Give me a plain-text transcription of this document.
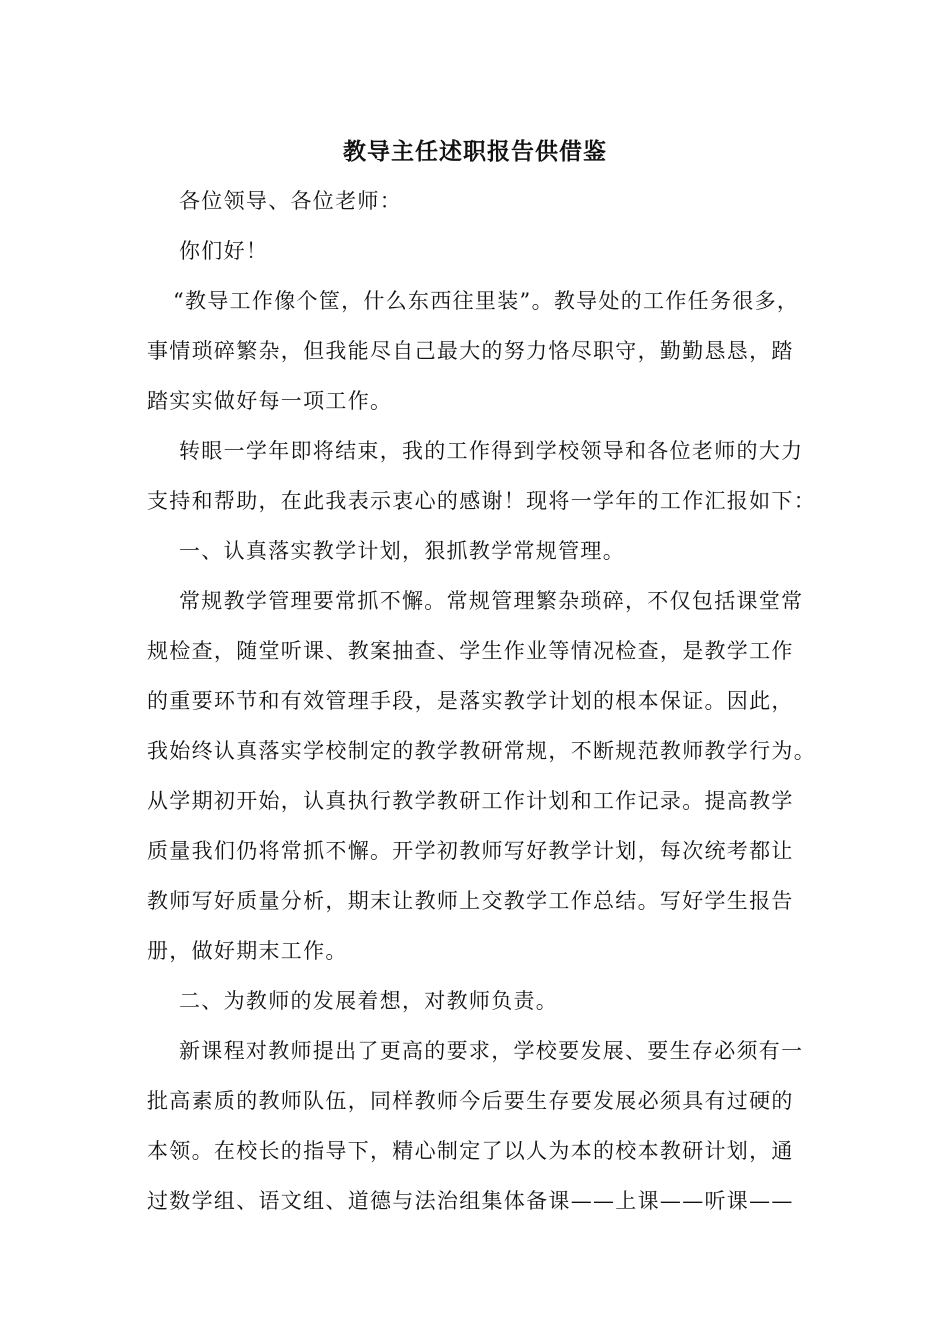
教导主任述职报告供借鉴
各位领导、各位老师：
你们好！
“教导工作像个筐，什么东西往里装”。教导处的工作任务很多，
事情琐碎繁杂，但我能尽自己最大的努力恪尽职守，勤勤恳恳，踏
踏实实做好每一项工作。
转眼一学年即将结束，我的工作得到学校领导和各位老师的大力
支持和帮助，在此我表示衷心的感谢！现将一学年的工作汇报如下：
一、认真落实教学计划，狠抓教学常规管理。
常规教学管理要常抓不懈。常规管理繁杂琐碎，不仅包括课堂常
规检查，随堂听课、教案抽查、学生作业等情况检查，是教学工作
的重要环节和有效管理手段，是落实教学计划的根本保证。因此，
我始终认真落实学校制定的教学教研常规，不断规范教师教学行为。
从学期初开始，认真执行教学教研工作计划和工作记录。提高教学
质量我们仍将常抓不懈。开学初教师写好教学计划，每次统考都让
教师写好质量分析，期末让教师上交教学工作总结。写好学生报告
册，做好期末工作。
二、为教师的发展着想，对教师负责。
新课程对教师提出了更高的要求，学校要发展、要生存必须有一
批高素质的教师队伍，同样教师今后要生存要发展必须具有过硬的
本领。在校长的指导下，精心制定了以人为本的校本教研计划，通
过数学组、语文组、道德与法治组集体备课——上课——听课——
